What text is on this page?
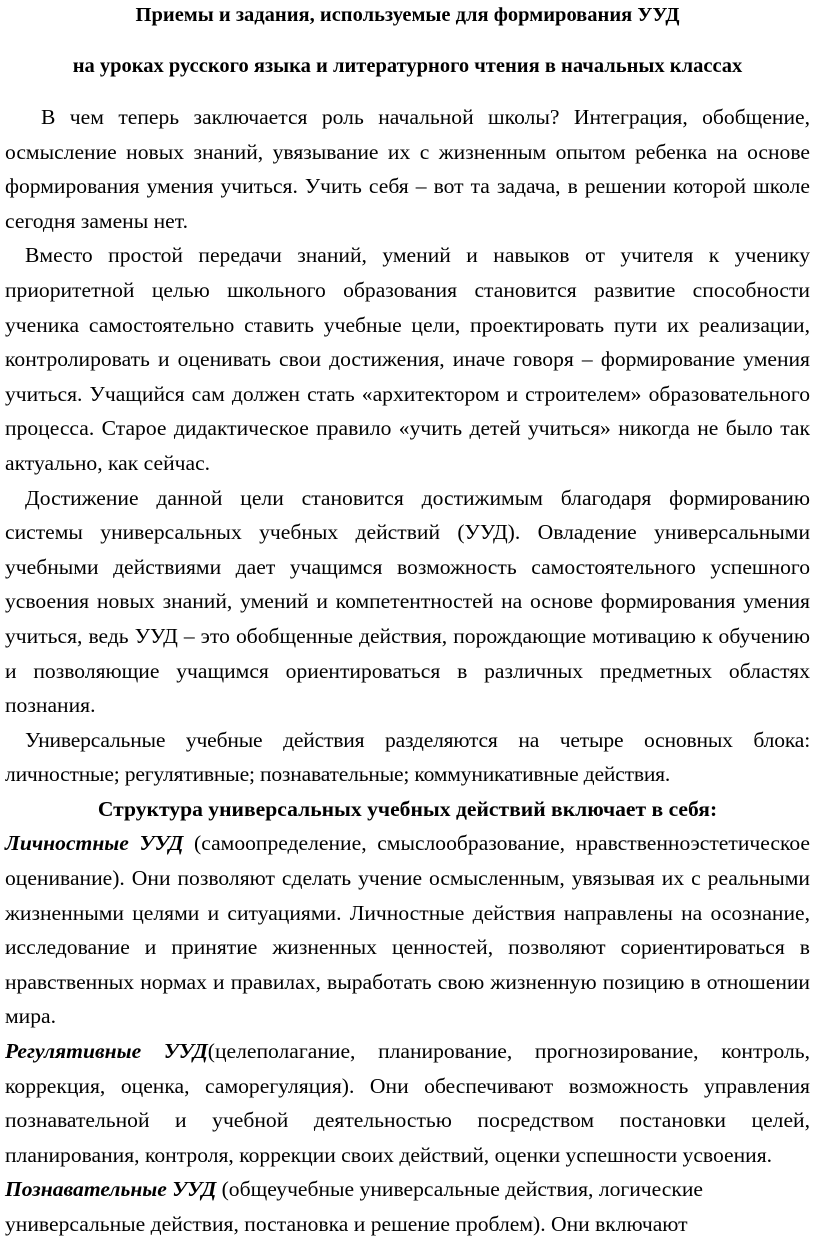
Приемы и задания, используемые для формирования УУД

на уроках русского языка и литературного чтения в начальных классах

В чем теперь заключается роль начальной школы? Интеграция, обобщение, осмысление новых знаний, увязывание их с жизненным опытом ребенка на основе формирования умения учиться. Учить себя – вот та задача, в решении которой школе сегодня замены нет.

Вместо простой передачи знаний, умений и навыков от учителя к ученику приоритетной целью школьного образования становится развитие способности ученика самостоятельно ставить учебные цели, проектировать пути их реализации, контролировать и оценивать свои достижения, иначе говоря – формирование умения учиться. Учащийся сам должен стать «архитектором и строителем» образовательного процесса. Старое дидактическое правило «учить детей учиться» никогда не было так актуально, как сейчас.

Достижение данной цели становится достижимым благодаря формированию системы универсальных учебных действий (УУД). Овладение универсальными учебными действиями дает учащимся возможность самостоятельного успешного усвоения новых знаний, умений и компетентностей на основе формирования умения учиться, ведь УУД – это обобщенные действия, порождающие мотивацию к обучению и позволяющие учащимся ориентироваться в различных предметных областях познания.

Универсальные учебные действия разделяются на четыре основных блока: личностные; регулятивные; познавательные; коммуникативные действия.

Структура универсальных учебных действий включает в себя:

Личностные УУД (самоопределение, смыслообразование, нравственноэстетическое оценивание). Они позволяют сделать учение осмысленным, увязывая их с реальными жизненными целями и ситуациями. Личностные действия направлены на осознание, исследование и принятие жизненных ценностей, позволяют сориентироваться в нравственных нормах и правилах, выработать свою жизненную позицию в отношении мира.

Регулятивные УУД(целеполагание, планирование, прогнозирование, контроль, коррекция, оценка, саморегуляция). Они обеспечивают возможность управления познавательной и учебной деятельностью посредством постановки целей, планирования, контроля, коррекции своих действий, оценки успешности усвоения.

Познавательные УУД (общеучебные универсальные действия, логические универсальные действия, постановка и решение проблем). Они включают
